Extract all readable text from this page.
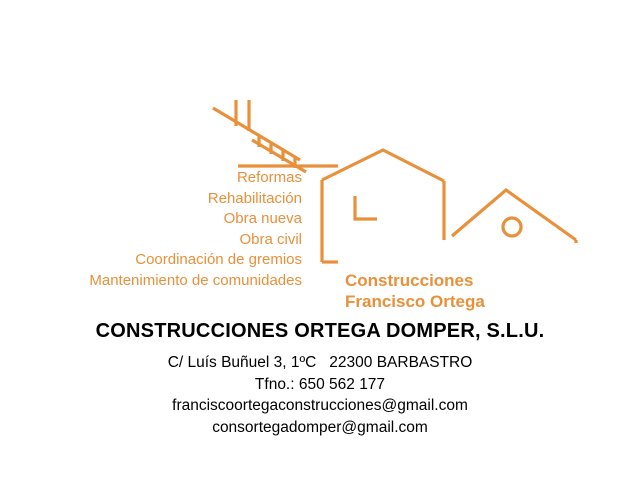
Reformas
Rehabilitación
Obra nueva
Obra civil
Coordinación de gremios
Mantenimiento de comunidades	Construcciones
Francisco Ortega
CONSTRUCCIONES ORTEGA DOMPER, S.L.U.
C/ Luís Buñuel 3, 1ºC   22300 BARBASTRO
Tfno.: 650 562 177
franciscoortegaconstrucciones@gmail.com
consortegadomper@gmail.com
